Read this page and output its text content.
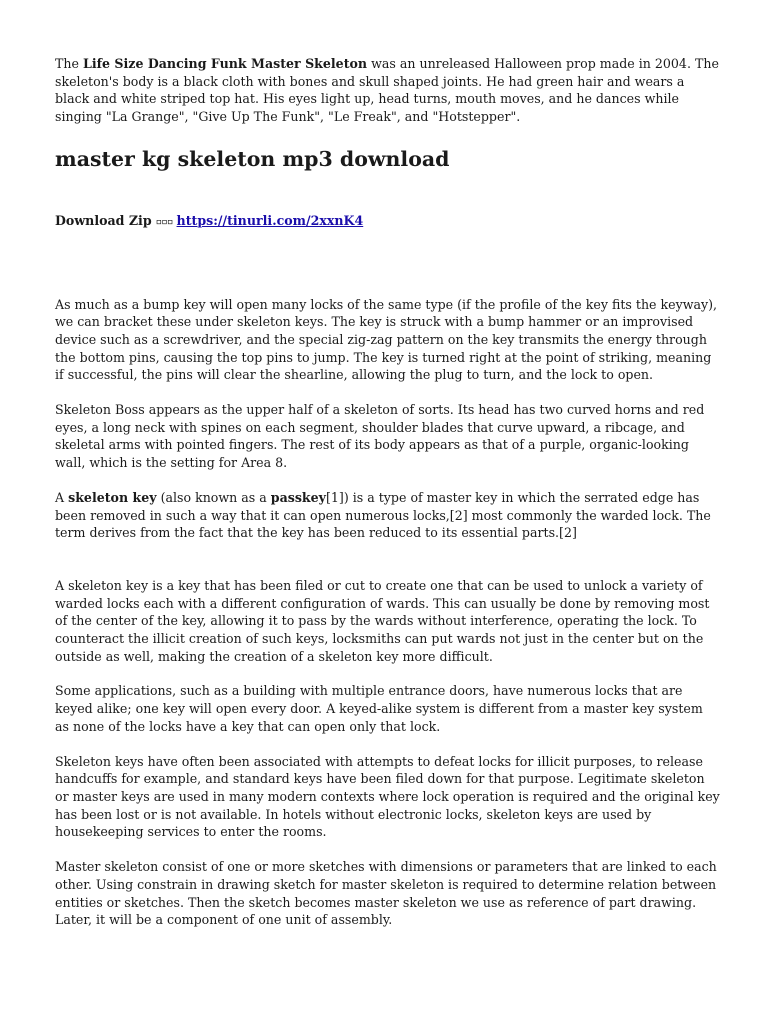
The Life Size Dancing Funk Master Skeleton was an unreleased Halloween prop made in 2004. The skeleton's body is a black cloth with bones and skull shaped joints. He had green hair and wears a black and white striped top hat. His eyes light up, head turns, mouth moves, and he dances while singing "La Grange", "Give Up The Funk", "Le Freak", and "Hotstepper".

master kg skeleton mp3 download
Download Zip ▫▫▫ https://tinurli.com/2xxnK4

As much as a bump key will open many locks of the same type (if the profile of the key fits the keyway), we can bracket these under skeleton keys. The key is struck with a bump hammer or an improvised device such as a screwdriver, and the special zig-zag pattern on the key transmits the energy through the bottom pins, causing the top pins to jump. The key is turned right at the point of striking, meaning if successful, the pins will clear the shearline, allowing the plug to turn, and the lock to open.

Skeleton Boss appears as the upper half of a skeleton of sorts. Its head has two curved horns and red eyes, a long neck with spines on each segment, shoulder blades that curve upward, a ribcage, and skeletal arms with pointed fingers. The rest of its body appears as that of a purple, organic-looking wall, which is the setting for Area 8.

A skeleton key (also known as a passkey[1]) is a type of master key in which the serrated edge has been removed in such a way that it can open numerous locks,[2] most commonly the warded lock. The term derives from the fact that the key has been reduced to its essential parts.[2]

A skeleton key is a key that has been filed or cut to create one that can be used to unlock a variety of warded locks each with a different configuration of wards. This can usually be done by removing most of the center of the key, allowing it to pass by the wards without interference, operating the lock. To counteract the illicit creation of such keys, locksmiths can put wards not just in the center but on the outside as well, making the creation of a skeleton key more difficult.

Some applications, such as a building with multiple entrance doors, have numerous locks that are keyed alike; one key will open every door. A keyed-alike system is different from a master key system as none of the locks have a key that can open only that lock.

Skeleton keys have often been associated with attempts to defeat locks for illicit purposes, to release handcuffs for example, and standard keys have been filed down for that purpose. Legitimate skeleton or master keys are used in many modern contexts where lock operation is required and the original key has been lost or is not available. In hotels without electronic locks, skeleton keys are used by housekeeping services to enter the rooms.

Master skeleton consist of one or more sketches with dimensions or parameters that are linked to each other. Using constrain in drawing sketch for master skeleton is required to determine relation between entities or sketches. Then the sketch becomes master skeleton we use as reference of part drawing. Later, it will be a component of one unit of assembly.
